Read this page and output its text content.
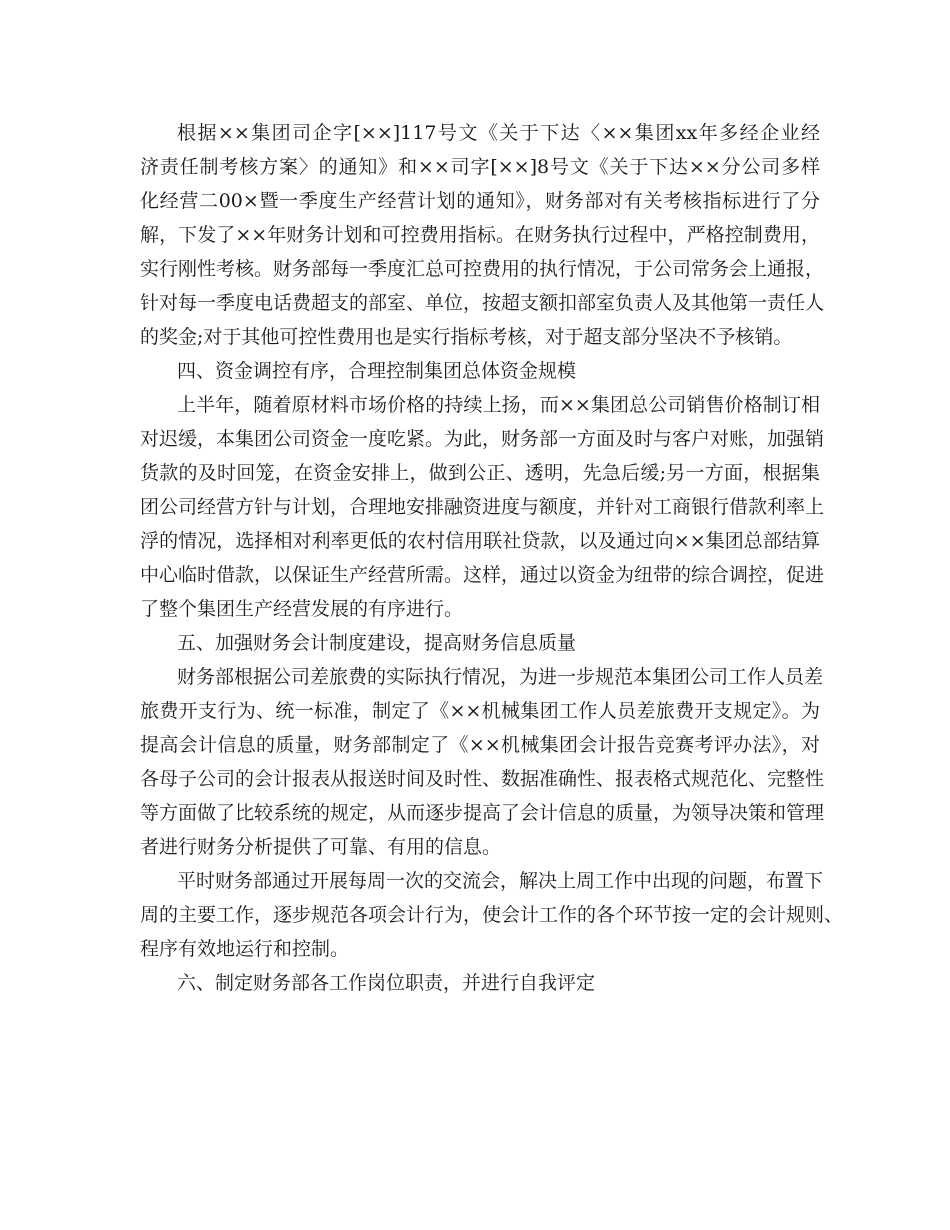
根据××集团司企字[××]117号文《关于下达〈××集团xx年多经企业经
济责任制考核方案〉的通知》和××司字[××]8号文《关于下达××分公司多样
化经营二00×暨一季度生产经营计划的通知》，财务部对有关考核指标进行了分
解，下发了××年财务计划和可控费用指标。在财务执行过程中，严格控制费用，
实行刚性考核。财务部每一季度汇总可控费用的执行情况，于公司常务会上通报，
针对每一季度电话费超支的部室、单位，按超支额扣部室负责人及其他第一责任人
的奖金;对于其他可控性费用也是实行指标考核，对于超支部分坚决不予核销。
四、资金调控有序，合理控制集团总体资金规模
上半年，随着原材料市场价格的持续上扬，而××集团总公司销售价格制订相
对迟缓，本集团公司资金一度吃紧。为此，财务部一方面及时与客户对账，加强销
货款的及时回笼，在资金安排上，做到公正、透明，先急后缓;另一方面，根据集
团公司经营方针与计划，合理地安排融资进度与额度，并针对工商银行借款利率上
浮的情况，选择相对利率更低的农村信用联社贷款，以及通过向××集团总部结算
中心临时借款，以保证生产经营所需。这样，通过以资金为纽带的综合调控，促进
了整个集团生产经营发展的有序进行。
五、加强财务会计制度建设，提高财务信息质量
财务部根据公司差旅费的实际执行情况，为进一步规范本集团公司工作人员差
旅费开支行为、统一标准，制定了《××机械集团工作人员差旅费开支规定》。为
提高会计信息的质量，财务部制定了《××机械集团会计报告竞赛考评办法》，对
各母子公司的会计报表从报送时间及时性、数据准确性、报表格式规范化、完整性
等方面做了比较系统的规定，从而逐步提高了会计信息的质量，为领导决策和管理
者进行财务分析提供了可靠、有用的信息。
平时财务部通过开展每周一次的交流会，解决上周工作中出现的问题，布置下
周的主要工作，逐步规范各项会计行为，使会计工作的各个环节按一定的会计规则、
程序有效地运行和控制。
六、制定财务部各工作岗位职责，并进行自我评定
